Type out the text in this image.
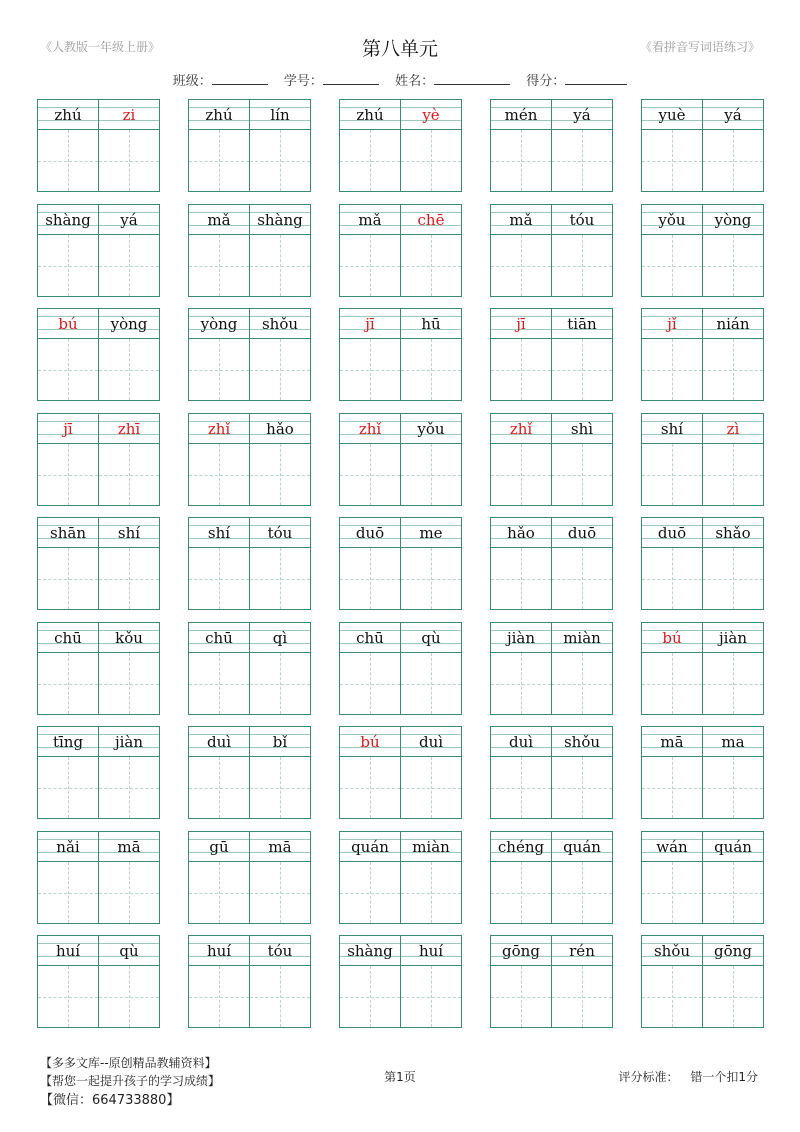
《人教版一年级上册》	第八单元	《看拼音写词语练习》
班级：	学号：	姓名：	得分：
zhú	zi	zhú	lín	zhú	yè	mén	yá	yuè	yá
shàng	yá	mǎ	shàng	mǎ	chē	mǎ	tóu	yǒu	yòng
bú	yòng	yòng	shǒu	jī	hū	jī	tiān	jǐ	nián
jī	zhī	zhǐ	hǎo	zhǐ	yǒu	zhǐ	shì	shí	zì
shān	shí	shí	tóu	duō	me	hǎo	duō	duō	shǎo
chū	kǒu	chū	qì	chū	qù	jiàn	miàn	bú	jiàn
tīng	jiàn	duì	bǐ	bú	duì	duì	shǒu	mā	ma
nǎi	mā	gū	mā	quán	miàn	chéng	quán	wán	quán
huí	qù	huí	tóu	shàng	huí	gōng	rén	shǒu	gōng
【多多文库--原创精品教辅资料】
【帮您一起提升孩子的学习成绩】
【微信：664733880】
第1页	评分标准： 错一个扣1分
